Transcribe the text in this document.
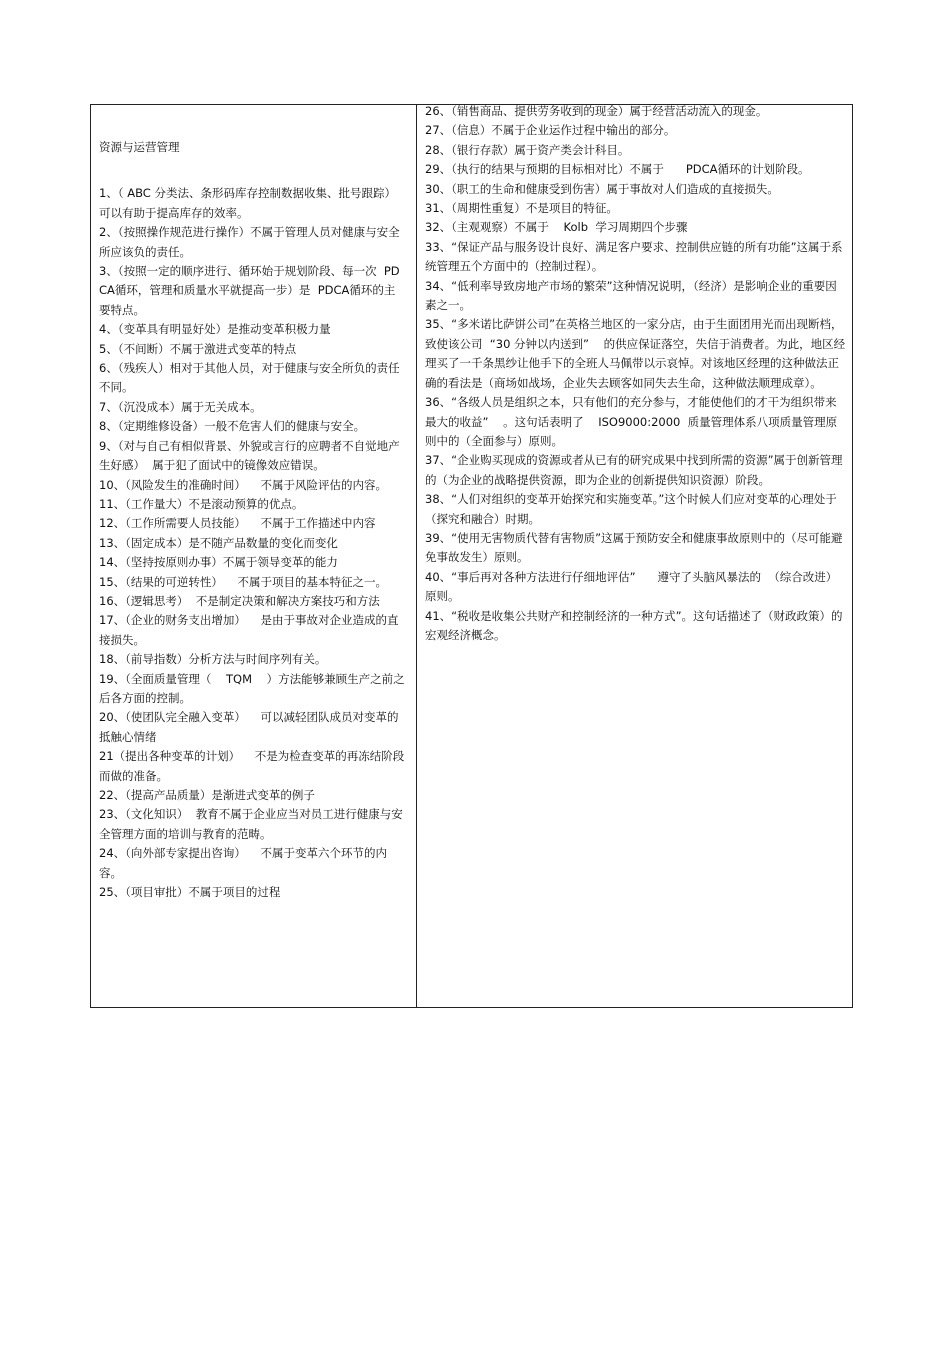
资源与运营管理

1、（ ABC 分类法、条形码库存控制数据收集、批号跟踪）可以有助于提高库存的效率。

2、（按照操作规范进行操作）不属于管理人员对健康与安全所应该负的责任。

3、（按照一定的顺序进行、循环始于规划阶段、每一次  PDCA循环，管理和质量水平就提高一步）是  PDCA循环的主要特点。

4、（变革具有明显好处）是推动变革积极力量

5、（不间断）不属于激进式变革的特点

6、（残疾人）相对于其他人员，对于健康与安全所负的责任不同。

7、（沉没成本）属于无关成本。

8、（定期维修设备）一般不危害人们的健康与安全。

9、（对与自己有相似背景、外貌或言行的应聘者不自觉地产生好感）  属于犯了面试中的镜像效应错误。

10、（风险发生的准确时间）    不属于风险评估的内容。

11、（工作量大）不是滚动预算的优点。

12、（工作所需要人员技能）    不属于工作描述中内容

13、（固定成本）是不随产品数量的变化而变化

14、（坚持按原则办事）不属于领导变革的能力

15、（结果的可逆转性）    不属于项目的基本特征之一。

16、（逻辑思考）  不是制定决策和解决方案技巧和方法

17、（企业的财务支出增加）    是由于事故对企业造成的直接损失。

18、（前导指数）分析方法与时间序列有关。

19、（全面质量管理（    TQM    ）方法能够兼顾生产之前之后各方面的控制。

20、（使团队完全融入变革）    可以减轻团队成员对变革的抵触心情绪

21（提出各种变革的计划）    不是为检查变革的再冻结阶段而做的准备。

22、（提高产品质量）是渐进式变革的例子

23、（文化知识）  教育不属于企业应当对员工进行健康与安全管理方面的培训与教育的范畴。

24、（向外部专家提出咨询）    不属于变革六个环节的内容。

25、（项目审批）不属于项目的过程

26、（销售商品、提供劳务收到的现金）属于经营活动流入的现金。

27、（信息）不属于企业运作过程中输出的部分。

28、（银行存款）属于资产类会计科目。

29、（执行的结果与预期的目标相对比）不属于      PDCA循环的计划阶段。

30、（职工的生命和健康受到伤害）属于事故对人们造成的直接损失。

31、（周期性重复）不是项目的特征。

32、（主观观察）不属于    Kolb  学习周期四个步骤

33、“保证产品与服务设计良好、满足客户要求、控制供应链的所有功能”这属于系统管理五个方面中的（控制过程）。

34、“低利率导致房地产市场的繁荣”这种情况说明，（经济）是影响企业的重要因素之一。

35、“多米诺比萨饼公司”在英格兰地区的一家分店，由于生面团用光而出现断档，    致使该公司  “30 分钟以内送到”    的供应保证落空，失信于消费者。为此，地区经理买了一千条黑纱让他手下的全班人马佩带以示哀悼。对该地区经理的这种做法正确的看法是（商场如战场，企业失去顾客如同失去生命，这种做法顺理成章）。

36、“各级人员是组织之本，只有他们的充分参与，才能使他们的才干为组织带来最大的收益”    。这句话表明了    ISO9000:2000  质量管理体系八项质量管理原则中的（全面参与）原则。

37、“企业购买现成的资源或者从已有的研究成果中找到所需的资源”属于创新管理的（为企业的战略提供资源，即为企业的创新提供知识资源）阶段。

38、“人们对组织的变革开始探究和实施变革。”这个时候人们应对变革的心理处于（探究和融合）时期。

39、“使用无害物质代替有害物质”这属于预防安全和健康事故原则中的（尽可能避免事故发生）原则。

40、“事后再对各种方法进行仔细地评估”      遵守了头脑风暴法的  （综合改进）原则。

41、“税收是收集公共财产和控制经济的一种方式”。这句话描述了（财政政策）的宏观经济概念。
